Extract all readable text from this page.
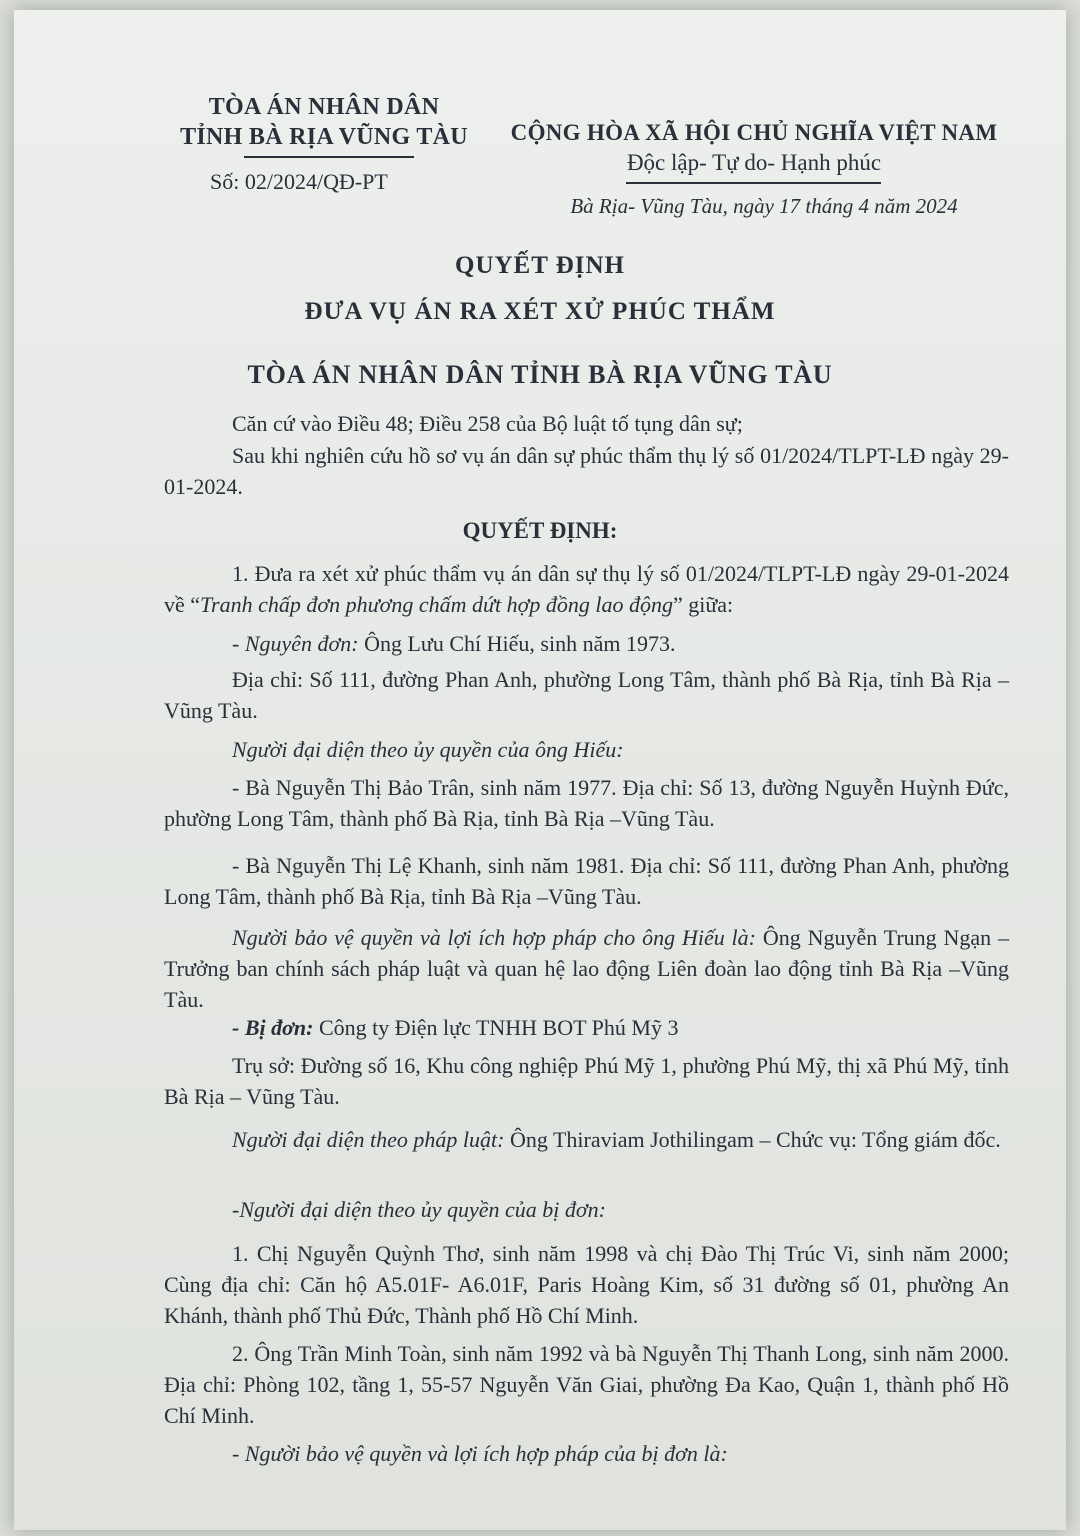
TÒA ÁN NHÂN DÂN
TỈNH BÀ RỊA VŨNG TÀU
Số: 02/2024/QĐ-PT
CỘNG HÒA XÃ HỘI CHỦ NGHĨA VIỆT NAM
Độc lập- Tự do- Hạnh phúc
Bà Rịa- Vũng Tàu, ngày 17 tháng 4 năm 2024
QUYẾT ĐỊNH
ĐƯA VỤ ÁN RA XÉT XỬ PHÚC THẨM
TÒA ÁN NHÂN DÂN TỈNH BÀ RỊA VŨNG TÀU
Căn cứ vào Điều 48; Điều 258 của Bộ luật tố tụng dân sự;
Sau khi nghiên cứu hồ sơ vụ án dân sự phúc thẩm thụ lý số 01/2024/TLPT-LĐ ngày 29-01-2024.
QUYẾT ĐỊNH:
1. Đưa ra xét xử phúc thẩm vụ án dân sự thụ lý số 01/2024/TLPT-LĐ ngày 29-01-2024 về “Tranh chấp đơn phương chấm dứt hợp đồng lao động” giữa:
- Nguyên đơn: Ông Lưu Chí Hiếu, sinh năm 1973.
Địa chỉ: Số 111, đường Phan Anh, phường Long Tâm, thành phố Bà Rịa, tỉnh Bà Rịa –Vũng Tàu.
Người đại diện theo ủy quyền của ông Hiếu:
- Bà Nguyễn Thị Bảo Trân, sinh năm 1977. Địa chỉ: Số 13, đường Nguyễn Huỳnh Đức, phường Long Tâm, thành phố Bà Rịa, tỉnh Bà Rịa –Vũng Tàu.
- Bà Nguyễn Thị Lệ Khanh, sinh năm 1981. Địa chỉ: Số 111, đường Phan Anh, phường Long Tâm, thành phố Bà Rịa, tỉnh Bà Rịa –Vũng Tàu.
Người bảo vệ quyền và lợi ích hợp pháp cho ông Hiếu là: Ông Nguyễn Trung Ngạn – Trưởng ban chính sách pháp luật và quan hệ lao động Liên đoàn lao động tỉnh Bà Rịa –Vũng Tàu.
- Bị đơn: Công ty Điện lực TNHH BOT Phú Mỹ 3
Trụ sở: Đường số 16, Khu công nghiệp Phú Mỹ 1, phường Phú Mỹ, thị xã Phú Mỹ, tỉnh Bà Rịa – Vũng Tàu.
Người đại diện theo pháp luật: Ông Thiraviam Jothilingam – Chức vụ: Tổng giám đốc.
-Người đại diện theo ủy quyền của bị đơn:
1. Chị Nguyễn Quỳnh Thơ, sinh năm 1998 và chị Đào Thị Trúc Vi, sinh năm 2000; Cùng địa chỉ: Căn hộ A5.01F- A6.01F, Paris Hoàng Kim, số 31 đường số 01, phường An Khánh, thành phố Thủ Đức, Thành phố Hồ Chí Minh.
2. Ông Trần Minh Toàn, sinh năm 1992 và bà Nguyễn Thị Thanh Long, sinh năm 2000. Địa chỉ: Phòng 102, tầng 1, 55-57 Nguyễn Văn Giai, phường Đa Kao, Quận 1, thành phố Hồ Chí Minh.
- Người bảo vệ quyền và lợi ích hợp pháp của bị đơn là:
